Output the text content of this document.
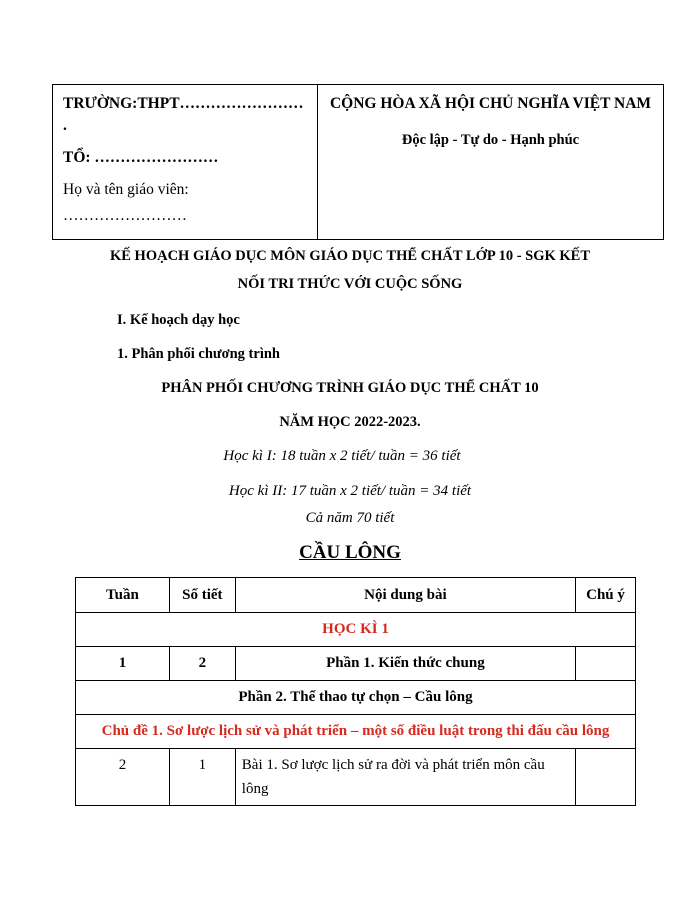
TRƯỜNG:THPT……………………
.
TỔ: ……………………
Họ và tên giáo viên:
……………………
CỘNG HÒA XÃ HỘI CHỦ NGHĨA VIỆT NAM
Độc lập - Tự do - Hạnh phúc
KẾ HOẠCH GIÁO DỤC MÔN GIÁO DỤC THỂ CHẤT LỚP 10 - SGK KẾT
NỐI TRI THỨC VỚI CUỘC SỐNG
I. Kế hoạch dạy học
1. Phân phối chương trình
PHÂN PHỐI CHƯƠNG TRÌNH GIÁO DỤC THỂ CHẤT 10
NĂM HỌC 2022-2023.
Học kì I: 18 tuần x 2 tiết/ tuần = 36 tiết
Học kì II: 17 tuần x 2 tiết/ tuần = 34 tiết
Cả năm 70 tiết
CẦU LÔNG
Tuần	Số tiết	Nội dung bài	Chú ý
HỌC KÌ 1			
1	2	Phần 1. Kiến thức chung	
Phần 2. Thể thao tự chọn – Cầu lông			
Chủ đề 1. Sơ lược lịch sử và phát triển – một số điều luật trong thi đấu cầu lông			
2	1	Bài 1. Sơ lược lịch sử ra đời và phát triển môn cầu lông	
